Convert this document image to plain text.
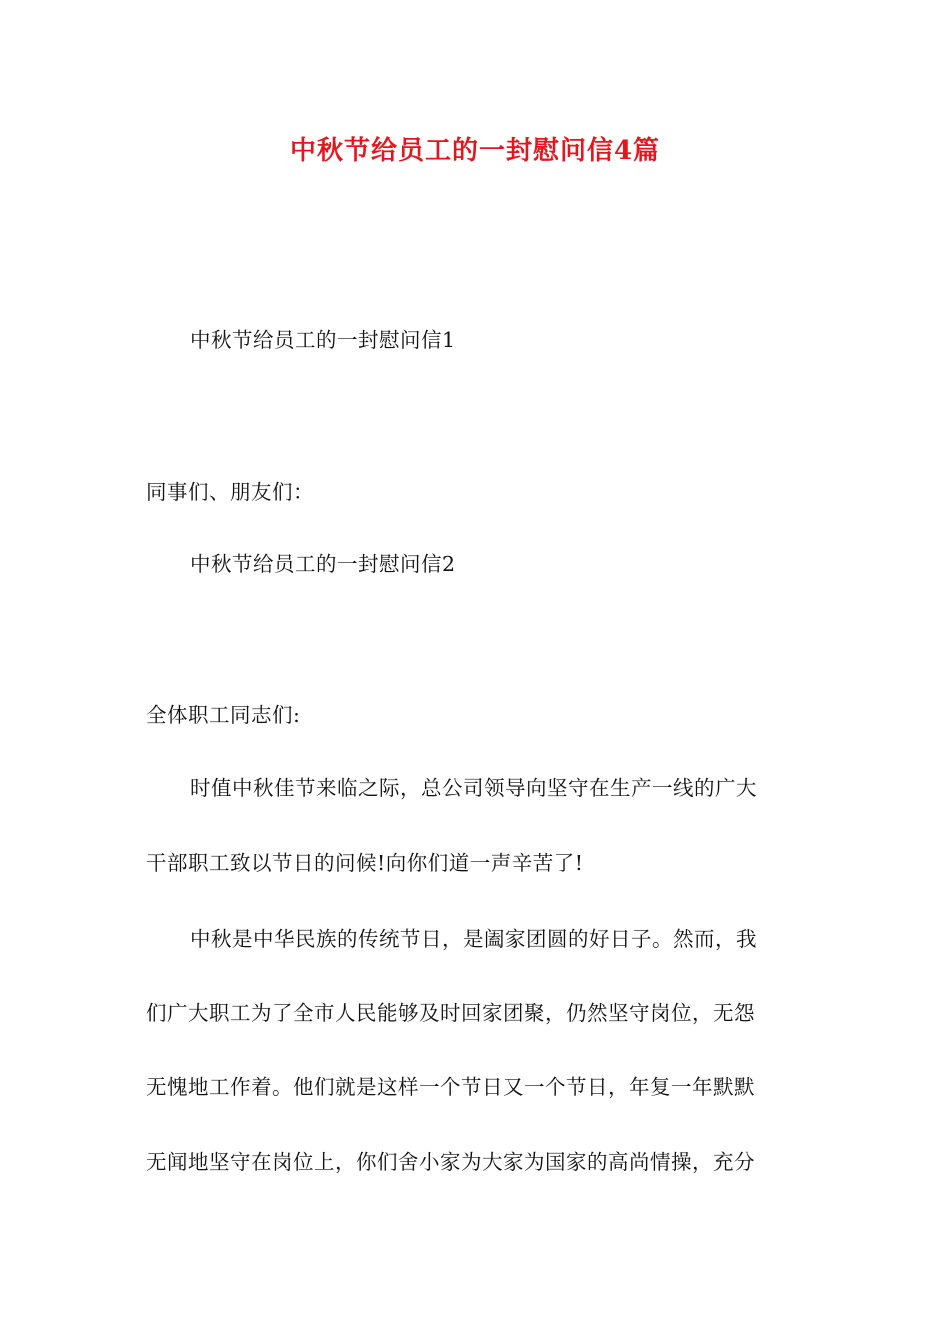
中秋节给员工的一封慰问信4篇
中秋节给员工的一封慰问信1
同事们、朋友们：
中秋节给员工的一封慰问信2
全体职工同志们:
时值中秋佳节来临之际，总公司领导向坚守在生产一线的广大
干部职工致以节日的问候!向你们道一声辛苦了!
中秋是中华民族的传统节日，是阖家团圆的好日子。然而，我
们广大职工为了全市人民能够及时回家团聚，仍然坚守岗位，无怨
无愧地工作着。他们就是这样一个节日又一个节日，年复一年默默
无闻地坚守在岗位上，你们舍小家为大家为国家的高尚情操，充分
